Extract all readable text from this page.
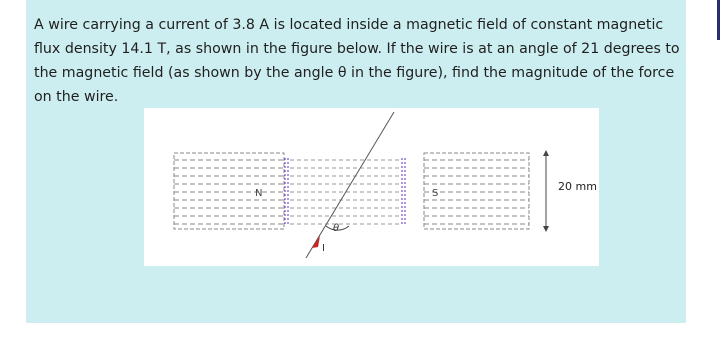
A wire carrying a current of 3.8 A is located inside a magnetic field of constant magnetic flux density 14.1 T, as shown in the figure below. If the wire is at an angle of 21 degrees to the magnetic field (as shown by the angle θ in the figure), find the magnitude of the force on the wire.

N	S
θ
I
20 mm
